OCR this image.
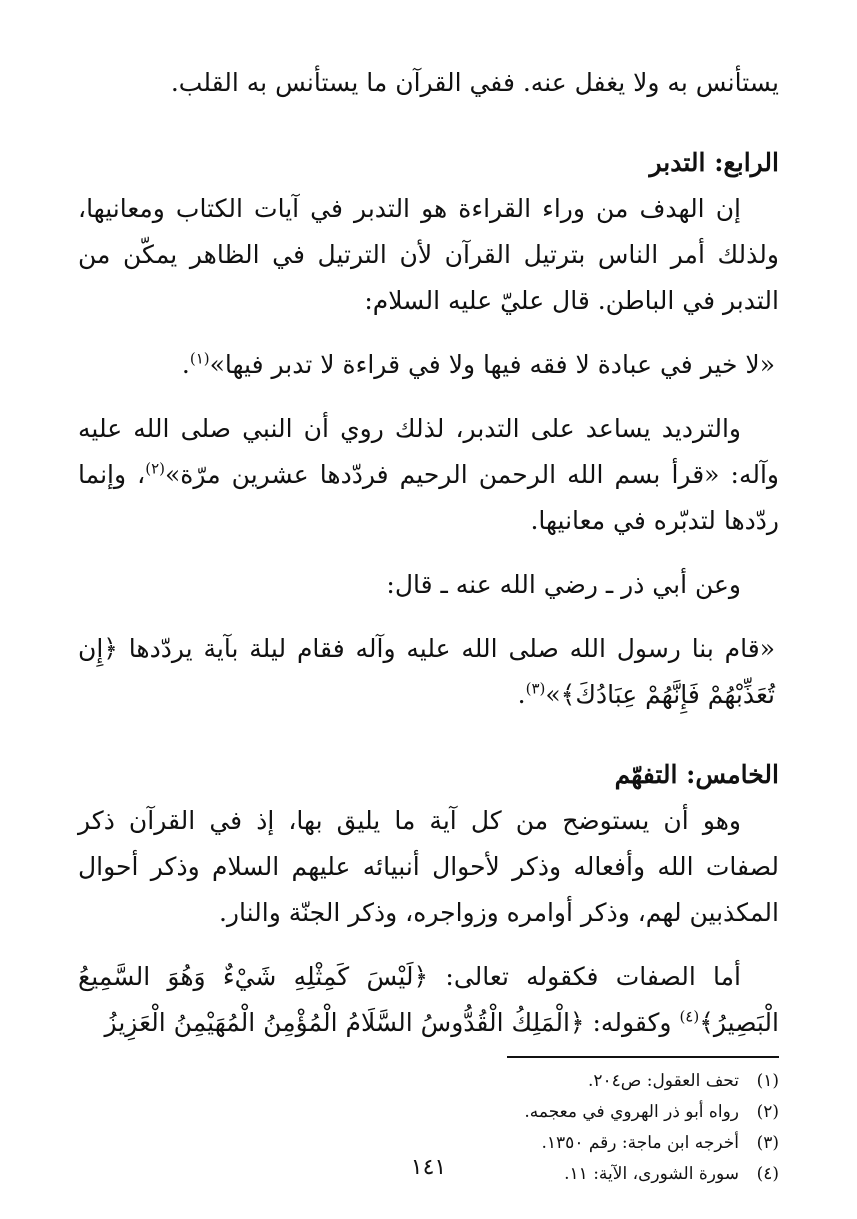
يستأنس به ولا يغفل عنه. ففي القرآن ما يستأنس به القلب.

الرابع: التدبر

إن الهدف من وراء القراءة هو التدبر في آيات الكتاب ومعانيها، ولذلك أمر الناس بترتيل القرآن لأن الترتيل في الظاهر يمكّن من التدبر في الباطن. قال عليّ عليه السلام:

«لا خير في عبادة لا فقه فيها ولا في قراءة لا تدبر فيها»$^{(١)}$.

والترديد يساعد على التدبر، لذلك روي أن النبي صلى الله عليه وآله: «قرأ بسم الله الرحمن الرحيم فردّدها عشرين مرّة»$^{(٢)}$، وإنما ردّدها لتدبّره في معانيها.

وعن أبي ذر ـ رضي الله عنه ـ قال:

«قام بنا رسول الله صلى الله عليه وآله فقام ليلة بآية يردّدها ﴿إِن تُعَذِّبْهُمْ فَإِنَّهُمْ عِبَادُكَ﴾»$^{(٣)}$.

الخامس: التفهّم

وهو أن يستوضح من كل آية ما يليق بها، إذ في القرآن ذكر لصفات الله وأفعاله وذكر لأحوال أنبيائه عليهم السلام وذكر أحوال المكذبين لهم، وذكر أوامره وزواجره، وذكر الجنّة والنار.

أما الصفات فكقوله تعالى: ﴿لَيْسَ كَمِثْلِهِ شَيْءٌ وَهُوَ السَّمِيعُ الْبَصِيرُ﴾$^{(٤)}$ وكقوله: ﴿الْمَلِكُ الْقُدُّوسُ السَّلَامُ الْمُؤْمِنُ الْمُهَيْمِنُ الْعَزِيزُ

(١)تحف العقول: ص٢٠٤.
(٢)رواه أبو ذر الهروي في معجمه.
(٣)أخرجه ابن ماجة: رقم ١٣٥٠.
(٤)سورة الشورى، الآية: ١١.
١٤١
